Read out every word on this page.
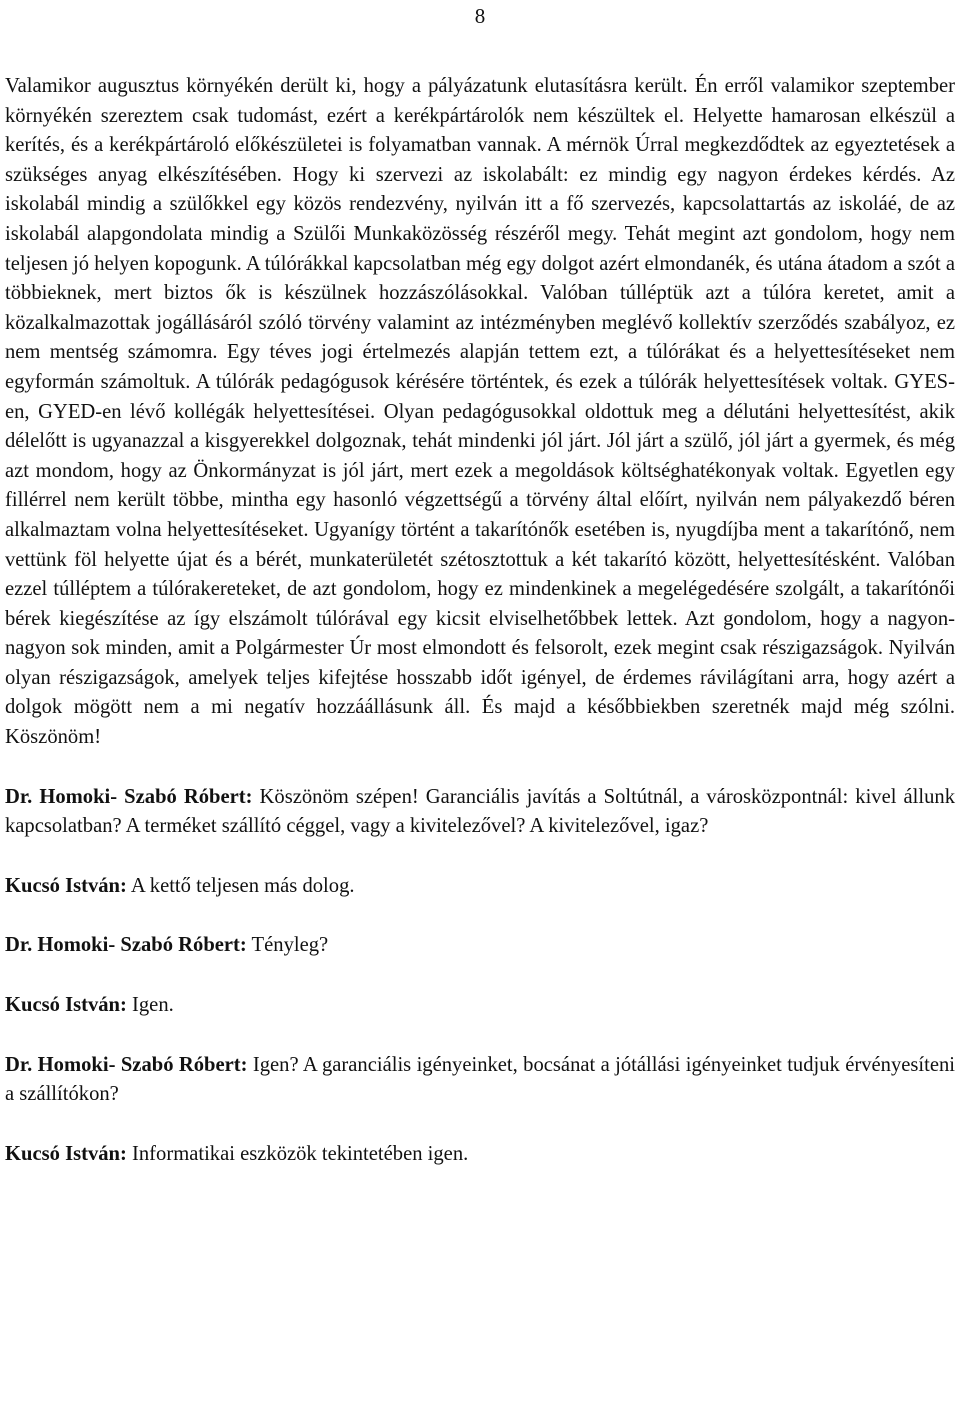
8

Valamikor augusztus környékén derült ki, hogy a pályázatunk elutasításra került. Én erről valamikor szeptember környékén szereztem csak tudomást, ezért a kerékpártárolók nem készültek el. Helyette hamarosan elkészül a kerítés, és a kerékpártároló előkészületei is folyamatban vannak. A mérnök Úrral megkezdődtek az egyeztetések a szükséges anyag elkészítésében. Hogy ki szervezi az iskolabált: ez mindig egy nagyon érdekes kérdés. Az iskolabál mindig a szülőkkel egy közös rendezvény, nyilván itt a fő szervezés, kapcsolattartás az iskoláé, de az iskolabál alapgondolata mindig a Szülői Munkaközösség részéről megy. Tehát megint azt gondolom, hogy nem teljesen jó helyen kopogunk. A túlórákkal kapcsolatban még egy dolgot azért elmondanék, és utána átadom a szót a többieknek, mert biztos ők is készülnek hozzászólásokkal. Valóban túlléptük azt a túlóra keretet, amit a közalkalmazottak jogállásáról szóló törvény valamint az intézményben meglévő kollektív szerződés szabályoz, ez nem mentség számomra. Egy téves jogi értelmezés alapján tettem ezt, a túlórákat és a helyettesítéseket nem egyformán számoltuk. A túlórák pedagógusok kérésére történtek, és ezek a túlórák helyettesítések voltak. GYES-en, GYED-en lévő kollégák helyettesítései. Olyan pedagógusokkal oldottuk meg a délutáni helyettesítést, akik délelőtt is ugyanazzal a kisgyerekkel dolgoznak, tehát mindenki jól járt. Jól járt a szülő, jól járt a gyermek, és még azt mondom, hogy az Önkormányzat is jól járt, mert ezek a megoldások költséghatékonyak voltak. Egyetlen egy fillérrel nem került többe, mintha egy hasonló végzettségű a törvény által előírt, nyilván nem pályakezdő béren alkalmaztam volna helyettesítéseket. Ugyanígy történt a takarítónők esetében is, nyugdíjba ment a takarítónő, nem vettünk föl helyette újat és a bérét, munkaterületét szétosztottuk a két takarító között, helyettesítésként. Valóban ezzel túlléptem a túlórakereteket, de azt gondolom, hogy ez mindenkinek a megelégedésére szolgált, a takarítónői bérek kiegészítése az így elszámolt túlórával egy kicsit elviselhetőbbek lettek. Azt gondolom, hogy a nagyon-nagyon sok minden, amit a Polgármester Úr most elmondott és felsorolt, ezek megint csak részigazságok. Nyilván olyan részigazságok, amelyek teljes kifejtése hosszabb időt igényel, de érdemes rávilágítani arra, hogy azért a dolgok mögött nem a mi negatív hozzáállásunk áll. És majd a későbbiekben szeretnék majd még szólni. Köszönöm!

Dr. Homoki- Szabó Róbert: Köszönöm szépen! Garanciális javítás a Soltútnál, a városközpontnál: kivel állunk kapcsolatban? A terméket szállító céggel, vagy a kivitelezővel? A kivitelezővel, igaz?

Kucsó István: A kettő teljesen más dolog.

Dr. Homoki- Szabó Róbert: Tényleg?

Kucsó István: Igen.

Dr. Homoki- Szabó Róbert: Igen? A garanciális igényeinket, bocsánat a jótállási igényeinket tudjuk érvényesíteni a szállítókon?

Kucsó István: Informatikai eszközök tekintetében igen.
